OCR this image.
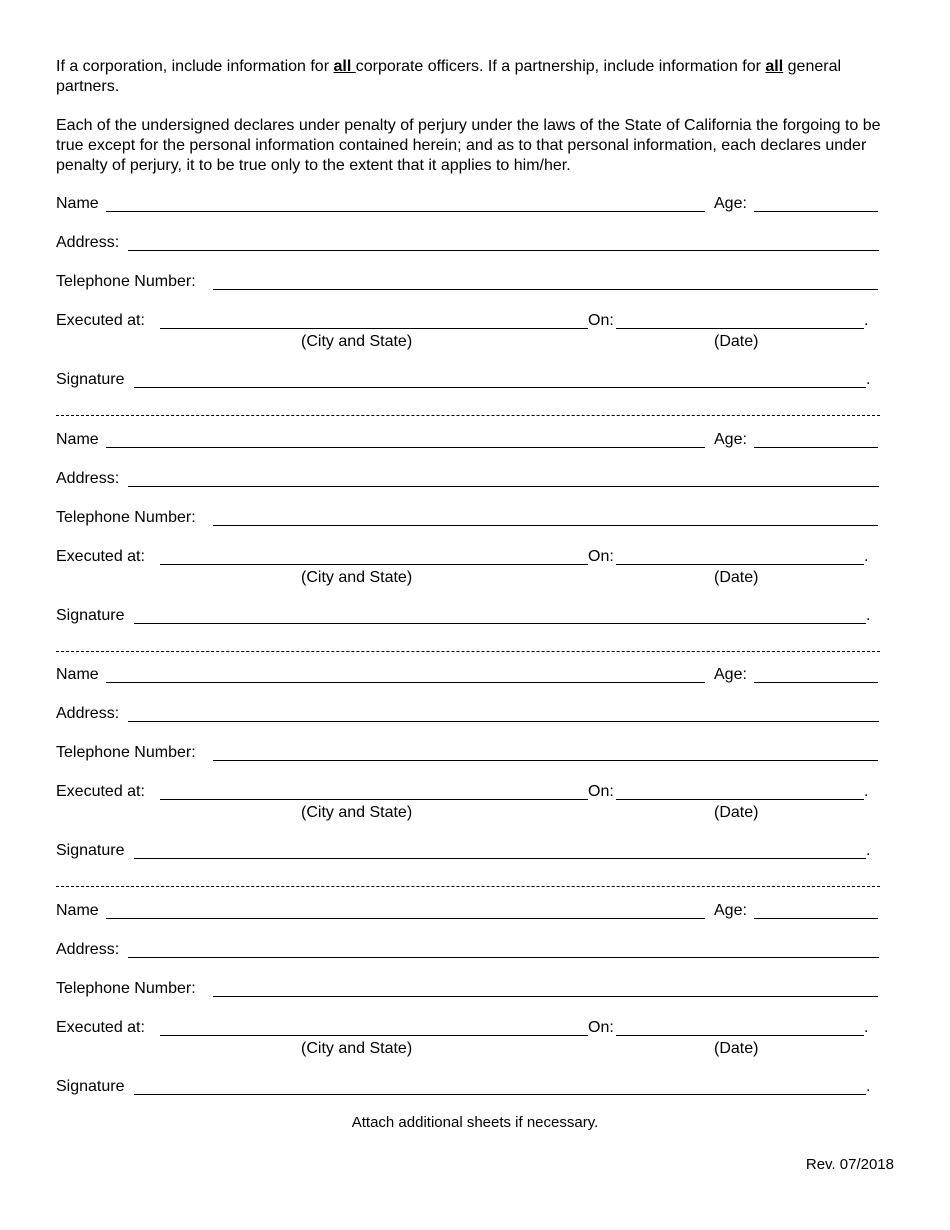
If a corporation, include information for all corporate officers. If a partnership, include information for all general partners.
Each of the undersigned declares under penalty of perjury under the laws of the State of California the forgoing to be true except for the personal information contained herein; and as to that personal information, each declares under penalty of perjury, it to be true only to the extent that it applies to him/her.
Name	Age:
Address:
Telephone Number:
Executed at:	On:	.
(City and State)	(Date)
Signature	.
Name	Age:
Address:
Telephone Number:
Executed at:	On:	.
(City and State)	(Date)
Signature	.
Name	Age:
Address:
Telephone Number:
Executed at:	On:	.
(City and State)	(Date)
Signature	.
Name	Age:
Address:
Telephone Number:
Executed at:	On:	.
(City and State)	(Date)
Signature	.
Attach additional sheets if necessary.
Rev. 07/2018
